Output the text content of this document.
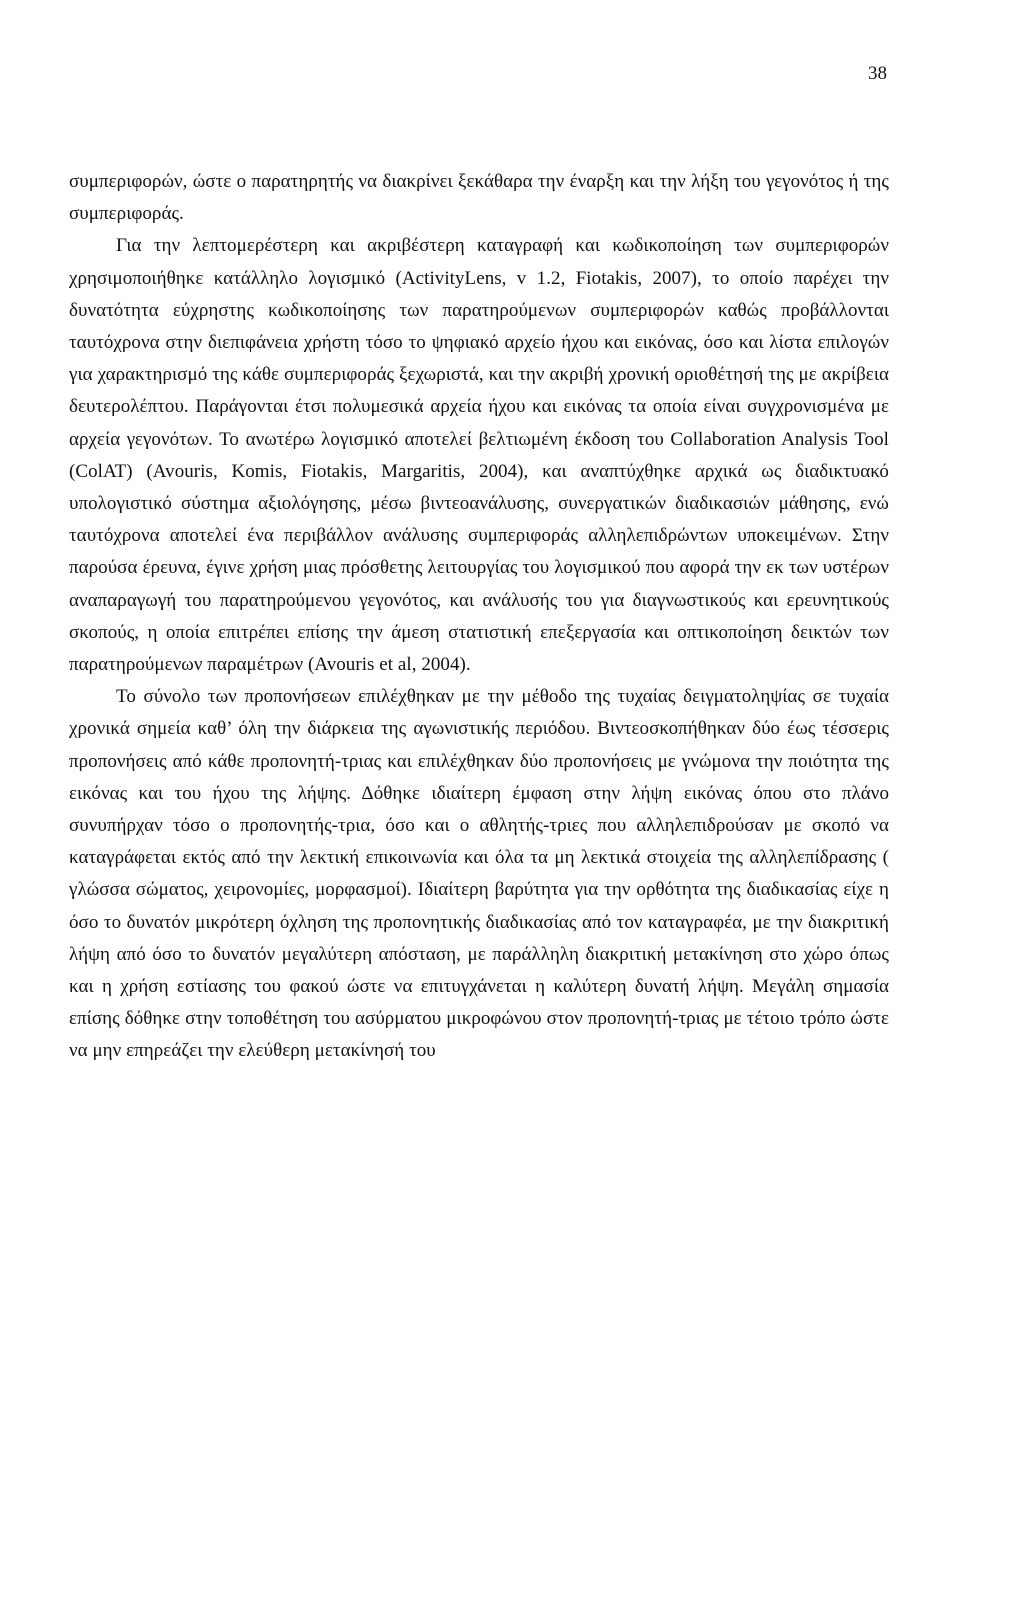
38

συμπεριφορών, ώστε ο παρατηρητής να διακρίνει ξεκάθαρα την έναρξη και την λήξη του γεγονότος ή της συμπεριφοράς.

Για την λεπτομερέστερη και ακριβέστερη καταγραφή και κωδικοποίηση των συμπεριφορών χρησιμοποιήθηκε κατάλληλο λογισμικό (ActivityLens, v 1.2, Fiotakis, 2007), το οποίο παρέχει την δυνατότητα εύχρηστης κωδικοποίησης των παρατηρούμενων συμπεριφορών καθώς προβάλλονται ταυτόχρονα στην διεπιφάνεια χρήστη τόσο το ψηφιακό αρχείο ήχου και εικόνας, όσο και λίστα επιλογών για χαρακτηρισμό της κάθε συμπεριφοράς ξεχωριστά, και την ακριβή χρονική οριοθέτησή της με ακρίβεια δευτερολέπτου. Παράγονται έτσι πολυμεσικά αρχεία ήχου και εικόνας τα οποία είναι συγχρονισμένα με αρχεία γεγονότων. Το ανωτέρω λογισμικό αποτελεί βελτιωμένη έκδοση του Collaboration Analysis Tool (ColAT) (Avouris, Komis, Fiotakis, Margaritis, 2004), και αναπτύχθηκε αρχικά ως διαδικτυακό υπολογιστικό σύστημα αξιολόγησης, μέσω βιντεοανάλυσης, συνεργατικών διαδικασιών μάθησης, ενώ ταυτόχρονα αποτελεί ένα περιβάλλον ανάλυσης συμπεριφοράς αλληλεπιδρώντων υποκειμένων. Στην παρούσα έρευνα, έγινε χρήση μιας πρόσθετης λειτουργίας του λογισμικού που αφορά την εκ των υστέρων αναπαραγωγή του παρατηρούμενου γεγονότος, και ανάλυσής του για διαγνωστικούς και ερευνητικούς σκοπούς, η οποία επιτρέπει επίσης την άμεση στατιστική επεξεργασία και οπτικοποίηση δεικτών των παρατηρούμενων παραμέτρων (Avouris et al, 2004).

Το σύνολο των προπονήσεων επιλέχθηκαν με την μέθοδο της τυχαίας δειγματοληψίας σε τυχαία χρονικά σημεία καθ’ όλη την διάρκεια της αγωνιστικής περιόδου. Βιντεοσκοπήθηκαν δύο έως τέσσερις προπονήσεις από κάθε προπονητή-τριας και επιλέχθηκαν δύο προπονήσεις με γνώμονα την ποιότητα της εικόνας και του ήχου της λήψης. Δόθηκε ιδιαίτερη έμφαση στην λήψη εικόνας όπου στο πλάνο συνυπήρχαν τόσο ο προπονητής-τρια, όσο και ο αθλητής-τριες που αλληλεπιδρούσαν με σκοπό να καταγράφεται εκτός από την λεκτική επικοινωνία και όλα τα μη λεκτικά στοιχεία της αλληλεπίδρασης ( γλώσσα σώματος, χειρονομίες, μορφασμοί). Ιδιαίτερη βαρύτητα για την ορθότητα της διαδικασίας είχε η όσο το δυνατόν μικρότερη όχληση της προπονητικής διαδικασίας από τον καταγραφέα, με την διακριτική λήψη από όσο το δυνατόν μεγαλύτερη απόσταση, με παράλληλη διακριτική μετακίνηση στο χώρο όπως και η χρήση εστίασης του φακού ώστε να επιτυγχάνεται η καλύτερη δυνατή λήψη. Μεγάλη σημασία επίσης δόθηκε στην τοποθέτηση του ασύρματου μικροφώνου στον προπονητή-τριας με τέτοιο τρόπο ώστε να μην επηρεάζει την ελεύθερη μετακίνησή του
